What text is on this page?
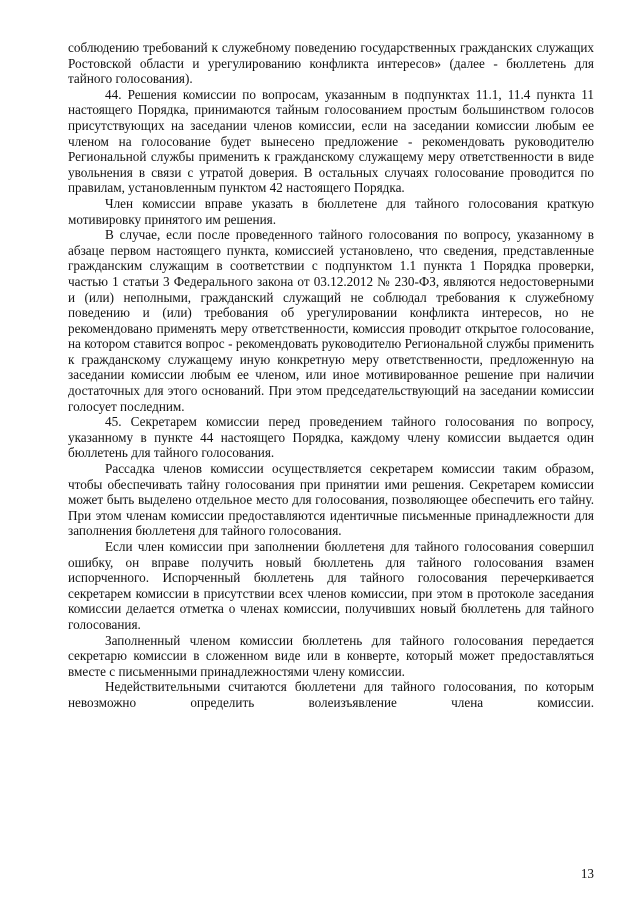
соблюдению требований к служебному поведению государственных гражданских служащих Ростовской области и урегулированию конфликта интересов» (далее - бюллетень для тайного голосования).

44. Решения комиссии по вопросам, указанным в подпунктах 11.1, 11.4 пункта 11 настоящего Порядка, принимаются тайным голосованием простым большинством голосов присутствующих на заседании членов комиссии, если на заседании комиссии любым ее членом на голосование будет вынесено предложение - рекомендовать руководителю Региональной службы применить к гражданскому служащему меру ответственности в виде увольнения в связи с утратой доверия. В остальных случаях голосование проводится по правилам, установленным пунктом 42 настоящего Порядка.

Член комиссии вправе указать в бюллетене для тайного голосования краткую мотивировку принятого им решения.

В случае, если после проведенного тайного голосования по вопросу, указанному в абзаце первом настоящего пункта, комиссией установлено, что сведения, представленные гражданским служащим в соответствии с подпунктом 1.1 пункта 1 Порядка проверки, частью 1 статьи 3 Федерального закона от 03.12.2012 № 230-ФЗ, являются недостоверными и (или) неполными, гражданский служащий не соблюдал требования к служебному поведению и (или) требования об урегулировании конфликта интересов, но не рекомендовано применять меру ответственности, комиссия проводит открытое голосование, на котором ставится вопрос - рекомендовать руководителю Региональной службы применить к гражданскому служащему иную конкретную меру ответственности, предложенную на заседании комиссии любым ее членом, или иное мотивированное решение при наличии достаточных для этого оснований. При этом председательствующий на заседании комиссии голосует последним.

45. Секретарем комиссии перед проведением тайного голосования по вопросу, указанному в пункте 44 настоящего Порядка, каждому члену комиссии выдается один бюллетень для тайного голосования.

Рассадка членов комиссии осуществляется секретарем комиссии таким образом, чтобы обеспечивать тайну голосования при принятии ими решения. Секретарем комиссии может быть выделено отдельное место для голосования, позволяющее обеспечить его тайну. При этом членам комиссии предоставляются идентичные письменные принадлежности для заполнения бюллетеня для тайного голосования.

Если член комиссии при заполнении бюллетеня для тайного голосования совершил ошибку, он вправе получить новый бюллетень для тайного голосования взамен испорченного. Испорченный бюллетень для тайного голосования перечеркивается секретарем комиссии в присутствии всех членов комиссии, при этом в протоколе заседания комиссии делается отметка о членах комиссии, получивших новый бюллетень для тайного голосования.

Заполненный членом комиссии бюллетень для тайного голосования передается секретарю комиссии в сложенном виде или в конверте, который может предоставляться вместе с письменными принадлежностями члену комиссии.

Недействительными считаются бюллетени для тайного голосования, по которым невозможно определить волеизъявление члена комиссии.

13
